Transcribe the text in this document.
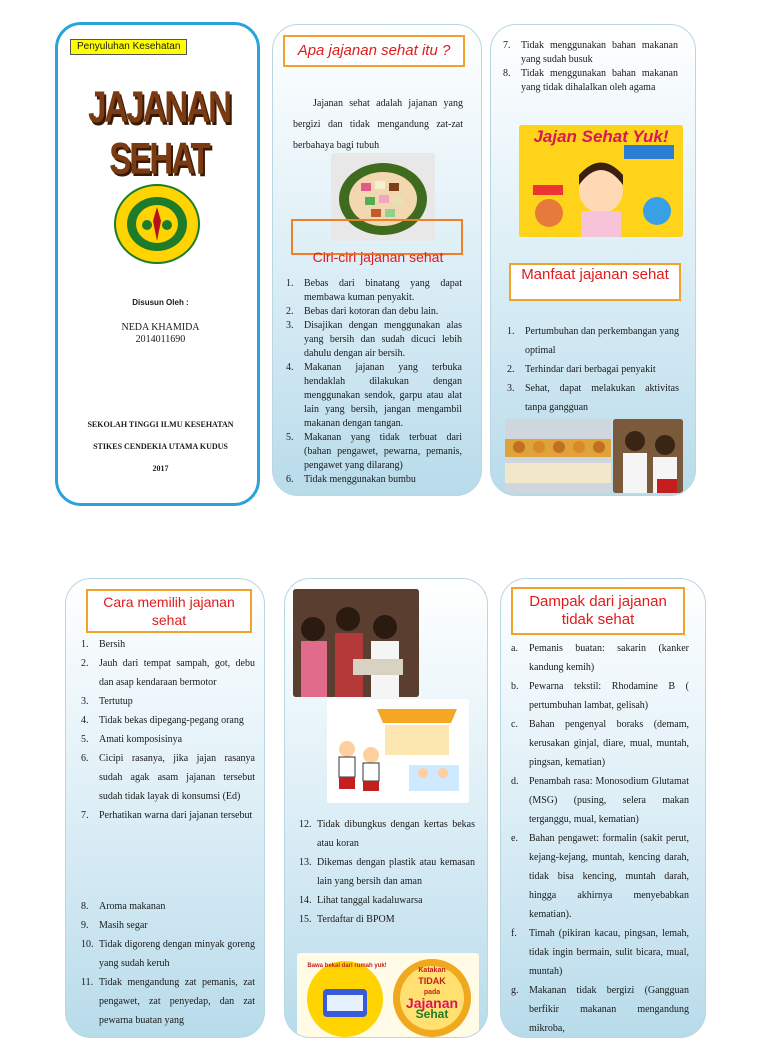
Penyuluhan Kesehatan
JAJANAN SEHAT
Disusun Oleh :
NEDA KHAMIDA
2014011690
SEKOLAH TINGGI ILMU KESEHATAN
STIKES CENDEKIA UTAMA KUDUS
2017
Apa jajanan sehat itu ?
Jajanan sehat adalah jajanan yang bergizi dan tidak mengandung zat-zat berbahaya bagi tubuh
Ciri-ciri jajanan sehat
1. Bebas dari binatang yang dapat membawa kuman penyakit.
2. Bebas dari kotoran dan debu lain.
3. Disajikan dengan menggunakan alas yang bersih dan sudah dicuci lebih dahulu dengan air bersih.
4. Makanan jajanan yang terbuka hendaklah dilakukan dengan menggunakan sendok, garpu atau alat lain yang bersih, jangan mengambil makanan dengan tangan.
5. Makanan yang tidak terbuat dari (bahan pengawet, pewarna, pemanis, pengawet yang dilarang)
6. Tidak menggunakan bumbu
7. Tidak menggunakan bahan makanan yang sudah busuk
8. Tidak menggunakan bahan makanan yang tidak dihalalkan oleh agama
Jajan Sehat Yuk!
Manfaat jajanan sehat
1. Pertumbuhan dan perkembangan yang optimal
2. Terhindar dari berbagai penyakit
3. Sehat, dapat melakukan aktivitas tanpa gangguan
Cara memilih jajanan sehat
1. Bersih
2. Jauh dari tempat sampah, got, debu dan asap kendaraan bermotor
3. Tertutup
4. Tidak bekas dipegang-pegang orang
5. Amati komposisinya
6. Cicipi rasanya, jika jajan rasanya sudah agak asam jajanan tersebut sudah tidak layak di konsumsi (Ed)
7. Perhatikan warna dari jajanan tersebut
8. Aroma makanan
9. Masih segar
10. Tidak digoreng dengan minyak goreng yang sudah keruh
11. Tidak mengandung zat pemanis, zat pengawet, zat penyedap, dan zat pewarna buatan yang
12. Tidak dibungkus dengan kertas bekas atau koran
13. Dikemas dengan plastik atau kemasan lain yang bersih dan aman
14. Lihat tanggal kadaluwarsa
15. Terdaftar di BPOM
Bawa bekal dari rumah yuk!
Katakan
TIDAK
pada
Jajanan
Sehat
Dampak dari jajanan tidak sehat
a. Pemanis buatan: sakarin (kanker kandung kemih)
b. Pewarna tekstil: Rhodamine B ( pertumbuhan lambat, gelisah)
c. Bahan pengenyal boraks (demam, kerusakan ginjal, diare, mual, muntah, pingsan, kematian)
d. Penambah rasa: Monosodium Glutamat (MSG) (pusing, selera makan terganggu, mual, kematian)
e. Bahan pengawet: formalin (sakit perut, kejang-kejang, muntah, kencing darah, tidak bisa kencing, muntah darah, hingga akhirnya menyebabkan kematian).
f. Timah (pikiran kacau, pingsan, lemah, tidak ingin bermain, sulit bicara, mual, muntah)
g. Makanan tidak bergizi (Gangguan berfikir makanan mengandung mikroba,
